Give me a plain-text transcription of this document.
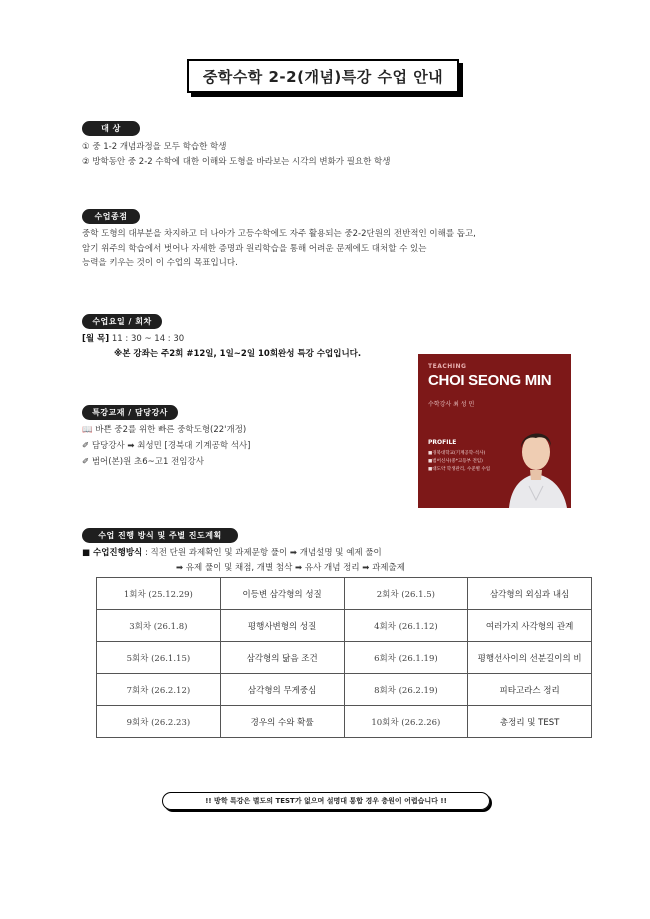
중학수학 2-2(개념)특강 수업 안내
대 상
① 중 1-2 개념과정을 모두 학습한 학생
② 방학동안 중 2-2 수학에 대한 이해와 도형을 바라보는 시각의 변화가 필요한 학생
수업종점
중학 도형의 대부분을 차지하고 더 나아가 고등수학에도 자주 활용되는 중2-2단원의 전반적인 이해를 돕고,
암기 위주의 학습에서 벗어나 자세한 증명과 원리학습을 통해 어려운 문제에도 대처할 수 있는
능력을 키우는 것이 이 수업의 목표입니다.
수업요일 / 회차
[월 목] 11 : 30 ~ 14 : 30
※본 강좌는 주2회 #12일, 1일~2일 10회완성 특강 수업입니다.
특강교재 / 담당강사
📖 바쁜 중2를 위한 빠른 중학도형(22'개정)
✐ 담당강사 ➡ 최성민 [경북대 기계공학 석사]
✐ 범어(본)원 초6~고1 전임강사
TEACHING
CHOI SEONG MIN
수학강사 최 성 민
PROFILE
■경북대학교(기계공학-석사)
■범어신사(중*고등부 전임)
■대도약 학생관리, 수준별 수업
수업 진행 방식 및 주별 진도계획
■ 수업진행방식 : 직전 단원 과제확인 및 과제문항 풀이 ➡ 개념설명 및 예제 풀이
➡ 유제 풀이 및 채점, 개별 첨삭 ➡ 유사 개념 정리 ➡ 과제출제
1회차 (25.12.29)	이등변 삼각형의 성질	2회차 (26.1.5)	삼각형의 외심과 내심
3회차 (26.1.8)	평행사변형의 성질	4회차 (26.1.12)	여러가지 사각형의 관계
5회차 (26.1.15)	삼각형의 닮음 조건	6회차 (26.1.19)	평행선사이의 선분길이의 비
7회차 (26.2.12)	삼각형의 무게중심	8회차 (26.2.19)	피타고라스 정리
9회차 (26.2.23)	경우의 수와 확률	10회차 (26.2.26)	총정리 및 TEST
!! 방학 특강은 별도의 TEST가 없으며 설명대 통합 경우 충원이 어렵습니다 !!
